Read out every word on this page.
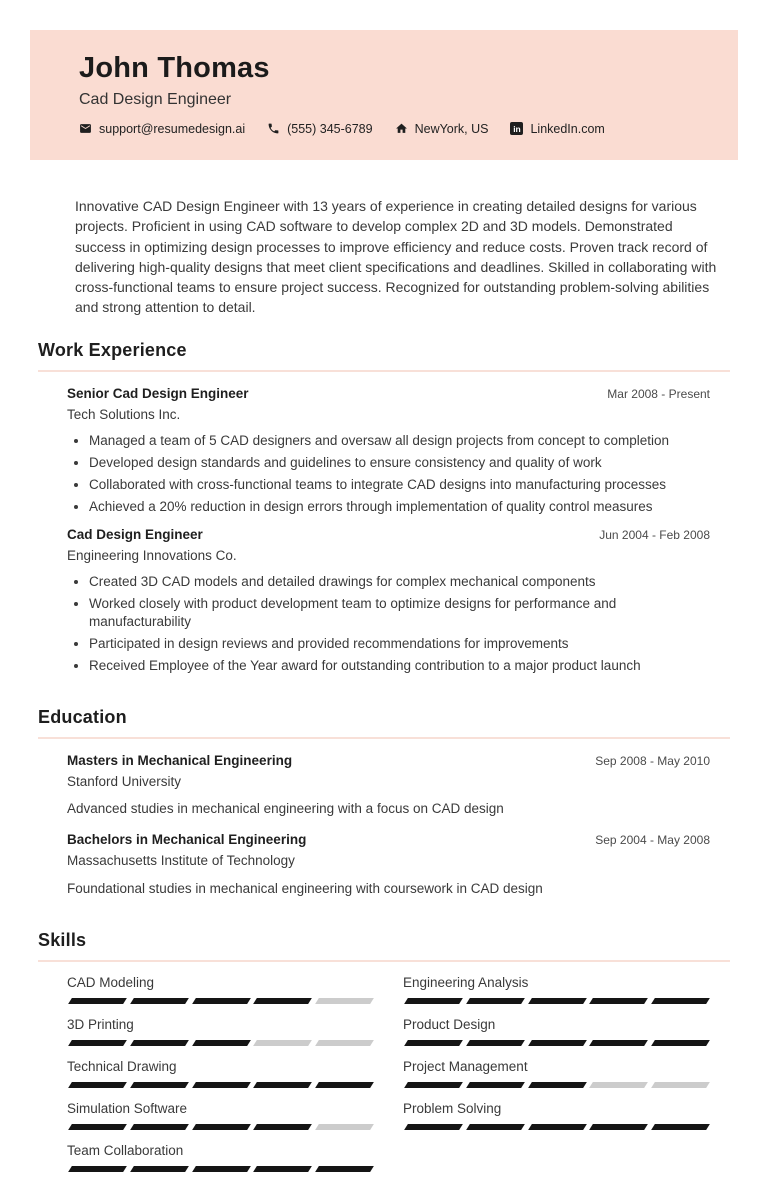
John Thomas
Cad Design Engineer
support@resumedesign.ai	(555) 345-6789	NewYork, US	in LinkedIn.com

Innovative CAD Design Engineer with 13 years of experience in creating detailed designs for various projects. Proficient in using CAD software to develop complex 2D and 3D models. Demonstrated success in optimizing design processes to improve efficiency and reduce costs. Proven track record of delivering high-quality designs that meet client specifications and deadlines. Skilled in collaborating with cross-functional teams to ensure project success. Recognized for outstanding problem-solving abilities and strong attention to detail.

Work Experience
Senior Cad Design Engineer	Mar 2008 - Present
Tech Solutions Inc.
• Managed a team of 5 CAD designers and oversaw all design projects from concept to completion
• Developed design standards and guidelines to ensure consistency and quality of work
• Collaborated with cross-functional teams to integrate CAD designs into manufacturing processes
• Achieved a 20% reduction in design errors through implementation of quality control measures
Cad Design Engineer	Jun 2004 - Feb 2008
Engineering Innovations Co.
• Created 3D CAD models and detailed drawings for complex mechanical components
• Worked closely with product development team to optimize designs for performance and manufacturability
• Participated in design reviews and provided recommendations for improvements
• Received Employee of the Year award for outstanding contribution to a major product launch
Education
Masters in Mechanical Engineering	Sep 2008 - May 2010
Stanford University
Advanced studies in mechanical engineering with a focus on CAD design
Bachelors in Mechanical Engineering	Sep 2004 - May 2008
Massachusetts Institute of Technology
Foundational studies in mechanical engineering with coursework in CAD design
Skills
CAD Modeling
3D Printing
Technical Drawing
Simulation Software
Team Collaboration
Engineering Analysis
Product Design
Project Management
Problem Solving
